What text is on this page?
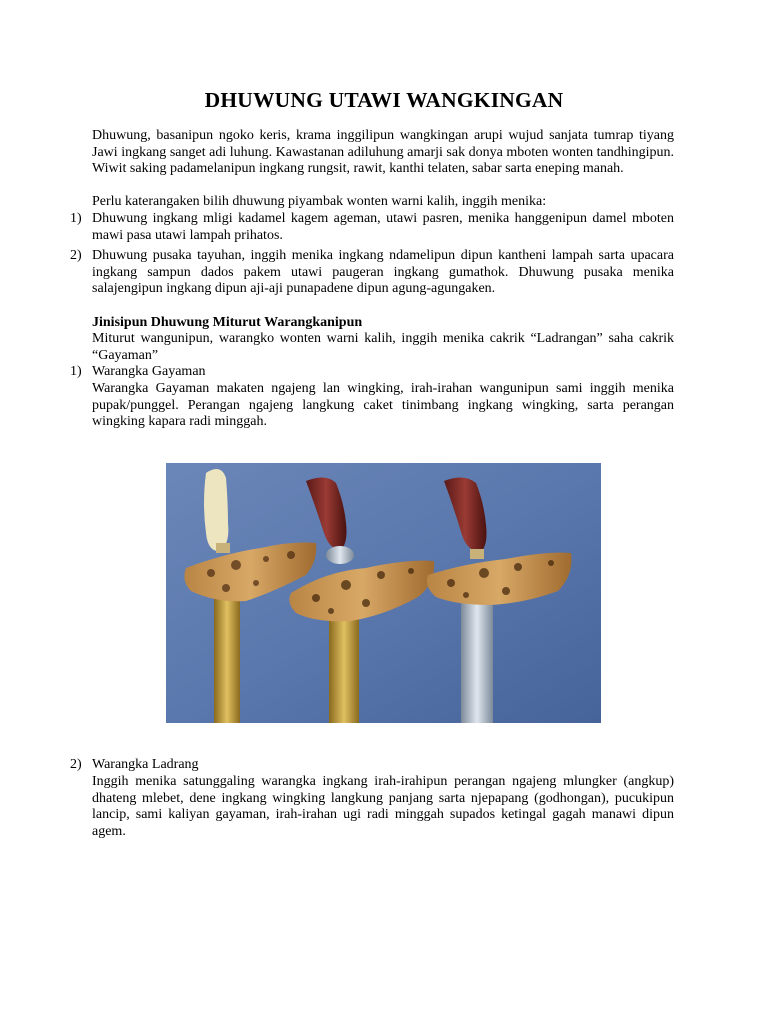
DHUWUNG UTAWI WANGKINGAN

Dhuwung, basanipun ngoko keris, krama inggilipun wangkingan arupi wujud sanjata tumrap tiyang Jawi ingkang sanget adi luhung. Kawastanan adiluhung amarji sak donya mboten wonten tandhingipun. Wiwit saking padamelanipun ingkang rungsit, rawit, kanthi telaten, sabar sarta eneping manah.

Perlu katerangaken bilih dhuwung piyambak wonten warni kalih, inggih menika:

1) Dhuwung ingkang mligi kadamel kagem ageman, utawi pasren, menika hanggenipun damel mboten mawi pasa utawi lampah prihatos.

2) Dhuwung pusaka tayuhan, inggih menika ingkang ndamelipun dipun kantheni lampah sarta upacara ingkang sampun dados pakem utawi paugeran ingkang gumathok. Dhuwung pusaka menika salajengipun ingkang dipun aji-aji punapadene dipun agung-agungaken.

Jinisipun Dhuwung Miturut Warangkanipun

Miturut wangunipun, warangko wonten warni kalih, inggih menika cakrik “Ladrangan” saha cakrik “Gayaman”

1) Warangka Gayaman

Warangka Gayaman makaten ngajeng lan wingking, irah-irahan wangunipun sami inggih menika pupak/punggel. Perangan ngajeng langkung caket tinimbang ingkang wingking, sarta perangan wingking kapara radi minggah.

2) Warangka Ladrang

Inggih menika satunggaling warangka ingkang irah-irahipun perangan ngajeng mlungker (angkup) dhateng mlebet, dene ingkang wingking langkung panjang sarta njepapang (godhongan), pucukipun lancip, sami kaliyan gayaman, irah-irahan ugi radi minggah supados ketingal gagah manawi dipun agem.
